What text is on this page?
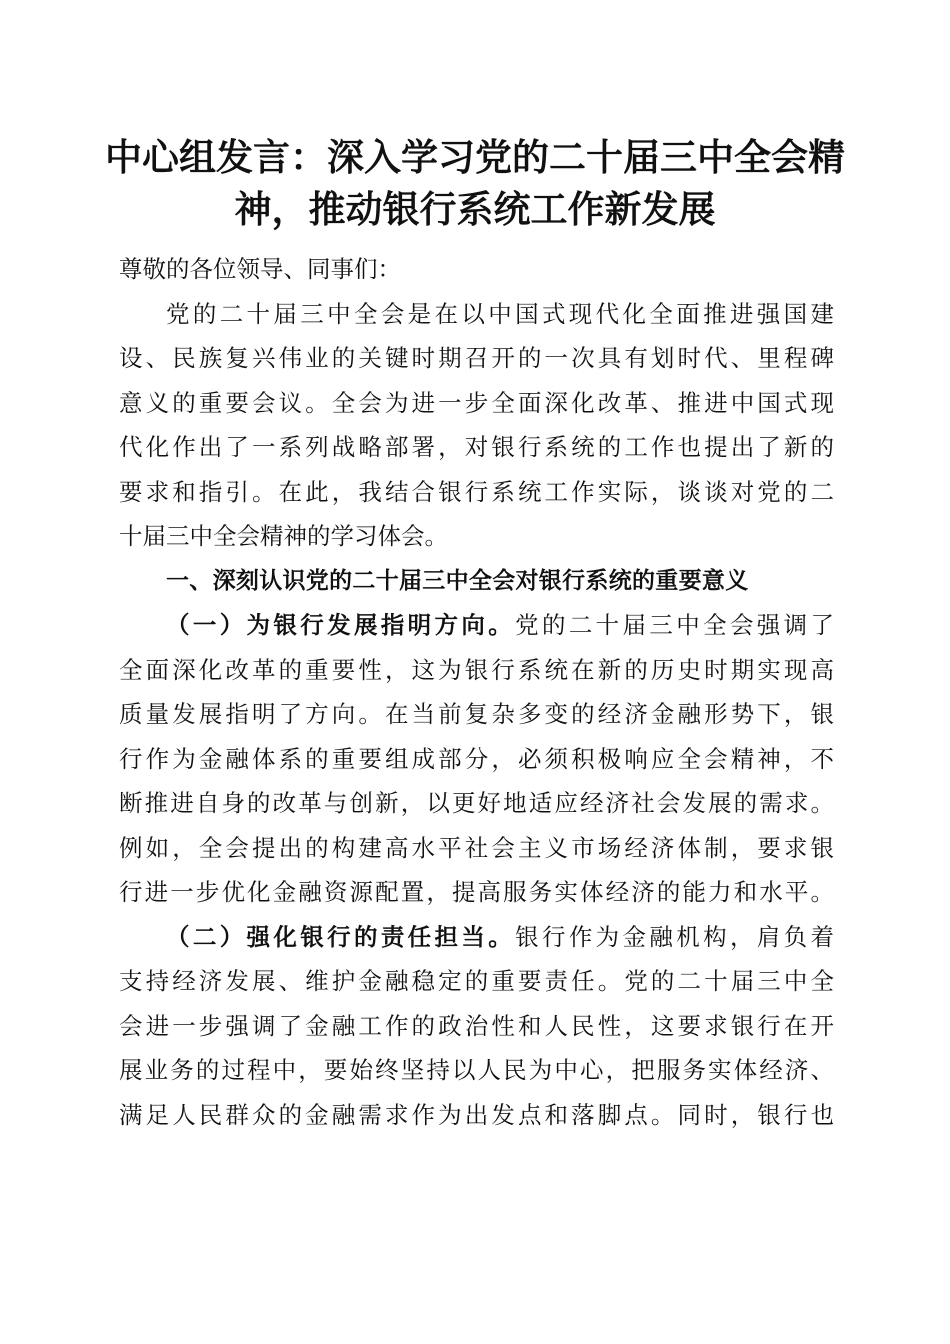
中心组发言：深入学习党的二十届三中全会精
神，推动银行系统工作新发展
尊敬的各位领导、同事们：
党的二十届三中全会是在以中国式现代化全面推进强国建
设、民族复兴伟业的关键时期召开的一次具有划时代、里程碑
意义的重要会议。全会为进一步全面深化改革、推进中国式现
代化作出了一系列战略部署，对银行系统的工作也提出了新的
要求和指引。在此，我结合银行系统工作实际，谈谈对党的二
十届三中全会精神的学习体会。
一、深刻认识党的二十届三中全会对银行系统的重要意义
（一）为银行发展指明方向。党的二十届三中全会强调了
全面深化改革的重要性，这为银行系统在新的历史时期实现高
质量发展指明了方向。在当前复杂多变的经济金融形势下，银
行作为金融体系的重要组成部分，必须积极响应全会精神，不
断推进自身的改革与创新，以更好地适应经济社会发展的需求。
例如，全会提出的构建高水平社会主义市场经济体制，要求银
行进一步优化金融资源配置，提高服务实体经济的能力和水平。
（二）强化银行的责任担当。银行作为金融机构，肩负着
支持经济发展、维护金融稳定的重要责任。党的二十届三中全
会进一步强调了金融工作的政治性和人民性，这要求银行在开
展业务的过程中，要始终坚持以人民为中心，把服务实体经济、
满足人民群众的金融需求作为出发点和落脚点。同时，银行也
